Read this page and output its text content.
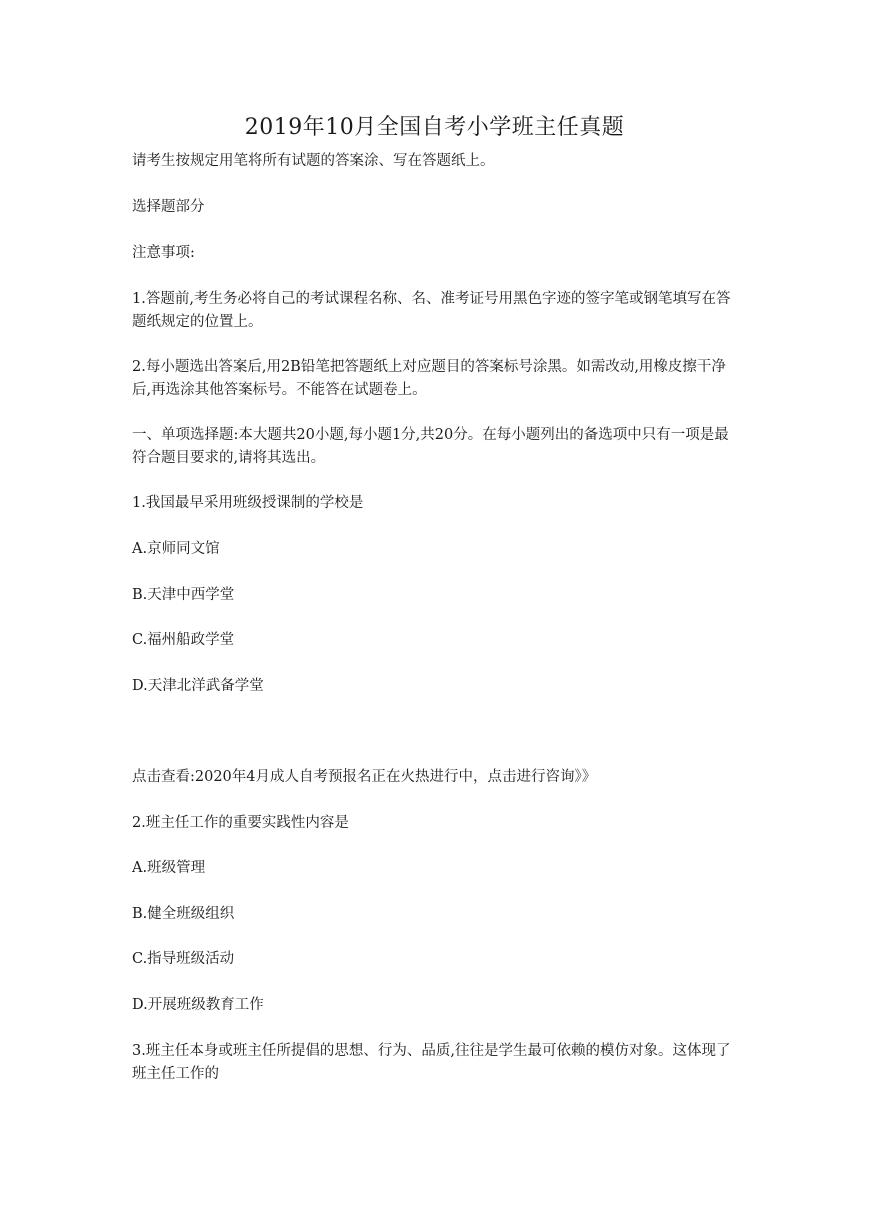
2019年10月全国自考小学班主任真题

请考生按规定用笔将所有试题的答案涂、写在答题纸上。

选择题部分

注意事项:

1.答题前,考生务必将自己的考试课程名称、名、准考证号用黑色字迹的签字笔或钢笔填写在答题纸规定的位置上。

2.每小题选出答案后,用2B铅笔把答题纸上对应题目的答案标号涂黑。如需改动,用橡皮擦干净后,再选涂其他答案标号。不能答在试题卷上。

一、单项选择题:本大题共20小题,每小题1分,共20分。在每小题列出的备选项中只有一项是最符合题目要求的,请将其选出。

1.我国最早采用班级授课制的学校是

A.京师同文馆

B.天津中西学堂

C.福州船政学堂

D.天津北洋武备学堂

点击查看:2020年4月成人自考预报名正在火热进行中，点击进行咨询》》

2.班主任工作的重要实践性内容是

A.班级管理

B.健全班级组织

C.指导班级活动

D.开展班级教育工作

3.班主任本身或班主任所提倡的思想、行为、品质,往往是学生最可依赖的模仿对象。这体现了班主任工作的
